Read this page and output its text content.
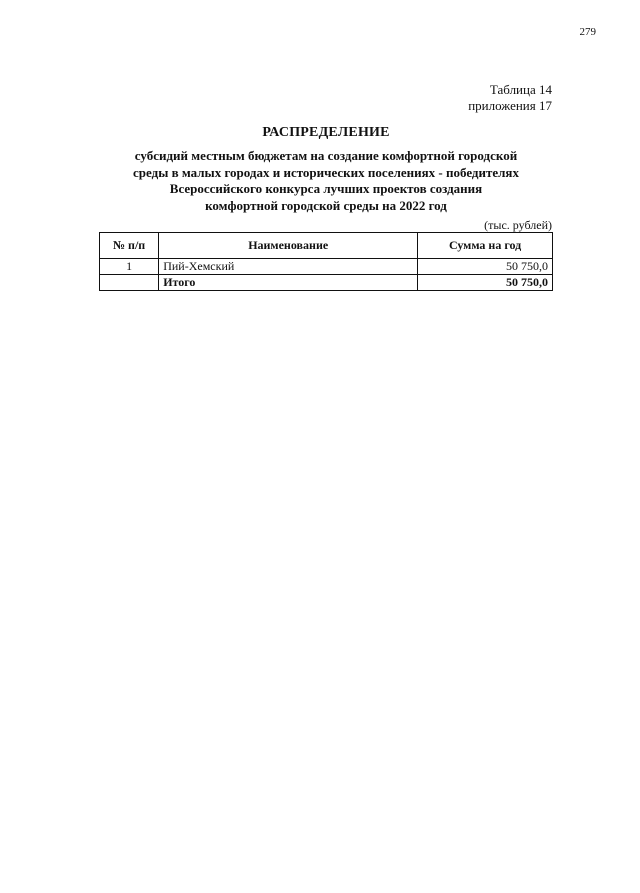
279
Таблица 14
приложения 17
РАСПРЕДЕЛЕНИЕ
субсидий местным бюджетам на создание комфортной городской
среды в малых городах и исторических поселениях - победителях
Всероссийского конкурса лучших проектов создания
комфортной городской среды на 2022 год
(тыс. рублей)
№ п/п	Наименование	Сумма на год
1	Пий-Хемский	50 750,0
	Итого	50 750,0
